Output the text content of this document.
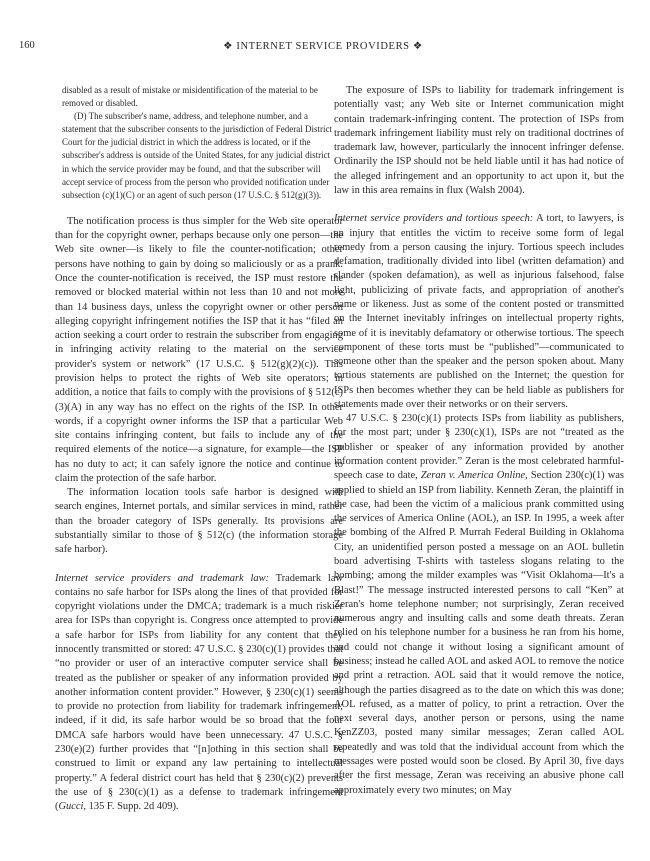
160	❖ INTERNET SERVICE PROVIDERS ❖

disabled as a result of mistake or misidentification of the material to be removed or disabled.

(D) The subscriber's name, address, and telephone number, and a statement that the subscriber consents to the jurisdiction of Federal District Court for the judicial district in which the address is located, or if the subscriber's address is outside of the United States, for any judicial district in which the service provider may be found, and that the subscriber will accept service of process from the person who provided notification under subsection (c)(1)(C) or an agent of such person (17 U.S.C. § 512(g)(3)).

The notification process is thus simpler for the Web site operator than for the copyright owner, perhaps because only one person—the Web site owner—is likely to file the counter-notification; other persons have nothing to gain by doing so maliciously or as a prank. Once the counter-notification is received, the ISP must restore the removed or blocked material within not less than 10 and not more than 14 business days, unless the copyright owner or other person alleging copyright infringement notifies the ISP that it has “filed an action seeking a court order to restrain the subscriber from engaging in infringing activity relating to the material on the service provider's system or network” (17 U.S.C. § 512(g)(2)(c)). This provision helps to protect the rights of Web site operators; in addition, a notice that fails to comply with the provisions of § 512(c)(3)(A) in any way has no effect on the rights of the ISP. In other words, if a copyright owner informs the ISP that a particular Web site contains infringing content, but fails to include any of the required elements of the notice—a signature, for example—the ISP has no duty to act; it can safely ignore the notice and continue to claim the protection of the safe harbor.

The information location tools safe harbor is designed with search engines, Internet portals, and similar services in mind, rather than the broader category of ISPs generally. Its provisions are substantially similar to those of § 512(c) (the information storage safe harbor).

Internet service providers and trademark law: Trademark law contains no safe harbor for ISPs along the lines of that provided for copyright violations under the DMCA; trademark is a much riskier area for ISPs than copyright is. Congress once attempted to provide a safe harbor for ISPs from liability for any content that they innocently transmitted or stored: 47 U.S.C. § 230(c)(1) provides that “no provider or user of an interactive computer service shall be treated as the publisher or speaker of any information provided by another information content provider.” However, § 230(c)(1) seems to provide no protection from liability for trademark infringement; indeed, if it did, its safe harbor would be so broad that the four DMCA safe harbors would have been unnecessary. 47 U.S.C. § 230(e)(2) further provides that “[n]othing in this section shall be construed to limit or expand any law pertaining to intellectual property.” A federal district court has held that § 230(c)(2) prevents the use of § 230(c)(1) as a defense to trademark infringement (Gucci, 135 F. Supp. 2d 409).

The exposure of ISPs to liability for trademark infringement is potentially vast; any Web site or Internet communication might contain trademark-infringing content. The protection of ISPs from trademark infringement liability must rely on traditional doctrines of trademark law, however, particularly the innocent infringer defense. Ordinarily the ISP should not be held liable until it has had notice of the alleged infringement and an opportunity to act upon it, but the law in this area remains in flux (Walsh 2004).

Internet service providers and tortious speech: A tort, to lawyers, is an injury that entitles the victim to receive some form of legal remedy from a person causing the injury. Tortious speech includes defamation, traditionally divided into libel (written defamation) and slander (spoken defamation), as well as injurious falsehood, false light, publicizing of private facts, and appropriation of another's name or likeness. Just as some of the content posted or transmitted on the Internet inevitably infringes on intellectual property rights, some of it is inevitably defamatory or otherwise tortious. The speech component of these torts must be “published”—communicated to someone other than the speaker and the person spoken about. Many tortious statements are published on the Internet; the question for ISPs then becomes whether they can be held liable as publishers for statements made over their networks or on their servers.

47 U.S.C. § 230(c)(1) protects ISPs from liability as publishers, for the most part; under § 230(c)(1), ISPs are not “treated as the publisher or speaker of any information provided by another information content provider.” Zeran is the most celebrated harmful-speech case to date, Zeran v. America Online, Section 230(c)(1) was applied to shield an ISP from liability. Kenneth Zeran, the plaintiff in the case, had been the victim of a malicious prank committed using the services of America Online (AOL), an ISP. In 1995, a week after the bombing of the Alfred P. Murrah Federal Building in Oklahoma City, an unidentified person posted a message on an AOL bulletin board advertising T-shirts with tasteless slogans relating to the bombing; among the milder examples was “Visit Oklahoma—It's a Blast!” The message instructed interested persons to call “Ken” at Zeran's home telephone number; not surprisingly, Zeran received numerous angry and insulting calls and some death threats. Zeran relied on his telephone number for a business he ran from his home, and could not change it without losing a significant amount of business; instead he called AOL and asked AOL to remove the notice and print a retraction. AOL said that it would remove the notice, although the parties disagreed as to the date on which this was done; AOL refused, as a matter of policy, to print a retraction. Over the next several days, another person or persons, using the name KenZZ03, posted many similar messages; Zeran called AOL repeatedly and was told that the individual account from which the messages were posted would soon be closed. By April 30, five days after the first message, Zeran was receiving an abusive phone call approximately every two minutes; on May
